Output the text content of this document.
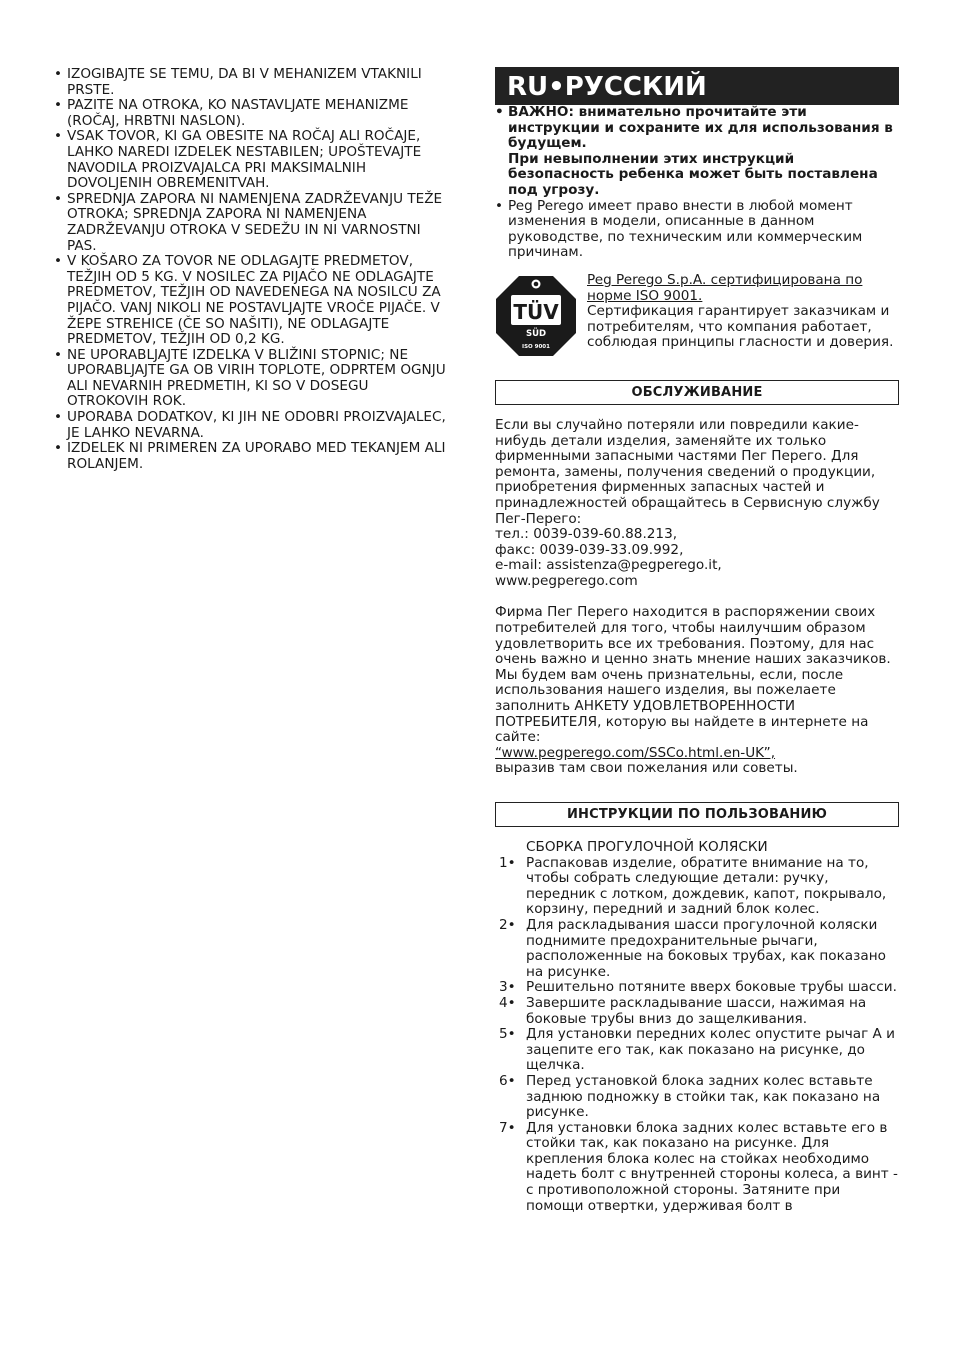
• IZOGIBAJTE SE TEMU, DA BI V MEHANIZEM VTAKNILI PRSTE.
• PAZITE NA OTROKA, KO NASTAVLJATE MEHANIZME (ROČAJ, HRBTNI NASLON).
• VSAK TOVOR, KI GA OBESITE NA ROČAJ ALI ROČAJE, LAHKO NAREDI IZDELEK NESTABILEN; UPOŠTEVAJTE NAVODILA PROIZVAJALCA PRI MAKSIMALNIH DOVOLJENIH OBREMENITVAH.
• SPREDNJA ZAPORA NI NAMENJENA ZADRŽEVANJU TEŽE OTROKA; SPREDNJA ZAPORA NI NAMENJENA ZADRŽEVANJU OTROKA V SEDEŽU IN NI VARNOSTNI PAS.
• V KOŠARO ZA TOVOR NE ODLAGAJTE PREDMETOV, TEŽJIH OD 5 KG. V NOSILEC ZA PIJAČO NE ODLAGAJTE PREDMETOV, TEŽJIH OD NAVEDENEGA NA NOSILCU ZA PIJAČO. VANJ NIKOLI NE POSTAVLJAJTE VROČE PIJAČE. V ŽEPE STREHICE (ČE SO NAŠITI), NE ODLAGAJTE PREDMETOV, TEŽJIH OD 0,2 KG.
• NE UPORABLJAJTE IZDELKA V BLIŽINI STOPNIC; NE UPORABLJAJTE GA OB VIRIH TOPLOTE, ODPRTEM OGNJU ALI NEVARNIH PREDMETIH, KI SO V DOSEGU OTROKOVIH ROK.
• UPORABA DODATKOV, KI JIH NE ODOBRI PROIZVAJALEC, JE LAHKO NEVARNA.
• IZDELEK NI PRIMEREN ZA UPORABO MED TEKANJEM ALI ROLANJEM.
RU•РУССКИЙ

• ВАЖНО: внимательно прочитайте эти инструкции и сохраните их для использования в будущем.

При невыполнении этих инструкций безопасность ребенка может быть поставлена под угрозу.

• Peg Perego имеет право внести в любой момент изменения в модели, описанные в данном руководстве, по техническим или коммерческим причинам.
TÜV
SÜD
ISO 9001
Peg Perego S.p.A. сертифицирована по норме ISO 9001.
Сертификация гарантирует заказчикам и потребителям, что компания работает, соблюдая принципы гласности и доверия.
ОБСЛУЖИВАНИЕ
Если вы случайно потеряли или повредили какие-нибудь детали изделия, заменяйте их только фирменными запасными частями Пег Перего. Для ремонта, замены, получения сведений о продукции, приобретения фирменных запасных частей и принадлежностей обращайтесь в Сервисную службу Пег-Перего:
тел.: 0039-039-60.88.213,
факс: 0039-039-33.09.992,
e-mail: assistenza@pegperego.it,
www.pegperego.com
Фирма Пег Перего находится в распоряжении своих потребителей для того, чтобы наилучшим образом удовлетворить все их требования. Поэтому, для нас очень важно и ценно знать мнение наших заказчиков. Мы будем вам очень признательны, если, после использования нашего изделия, вы пожелаете заполнить АНКЕТУ УДОВЛЕТВОРЕННОСТИ ПОТРЕБИТЕЛЯ, которую вы найдете в интернете на сайте:
“www.pegperego.com/SSCo.html.en-UK”,
выразив там свои пожелания или советы.
ИНСТРУКЦИИ ПО ПОЛЬЗОВАНИЮ
СБОРКА ПРОГУЛОЧНОЙ КОЛЯСКИ
1• Распаковав изделие, обратите внимание на то, чтобы собрать следующие детали: ручку, передник с лотком, дождевик, капот, покрывало, корзину, передний и задний блок колес.
2• Для раскладывания шасси прогулочной коляски поднимите предохранительные рычаги, расположенные на боковых трубах, как показано на рисунке.
3• Решительно потяните вверх боковые трубы шасси.
4• Завершите раскладывание шасси, нажимая на боковые трубы вниз до защелкивания.
5• Для установки передних колес опустите рычаг А и зацепите его так, как показано на рисунке, до щелчка.
6• Перед установкой блока задних колес вставьте заднюю подножку в стойки так, как показано на рисунке.
7• Для установки блока задних колес вставьте его в стойки так, как показано на рисунке. Для крепления блока колес на стойках необходимо надеть болт с внутренней стороны колеса, а винт - с противоположной стороны. Затяните при помощи отвертки, удерживая болт в
